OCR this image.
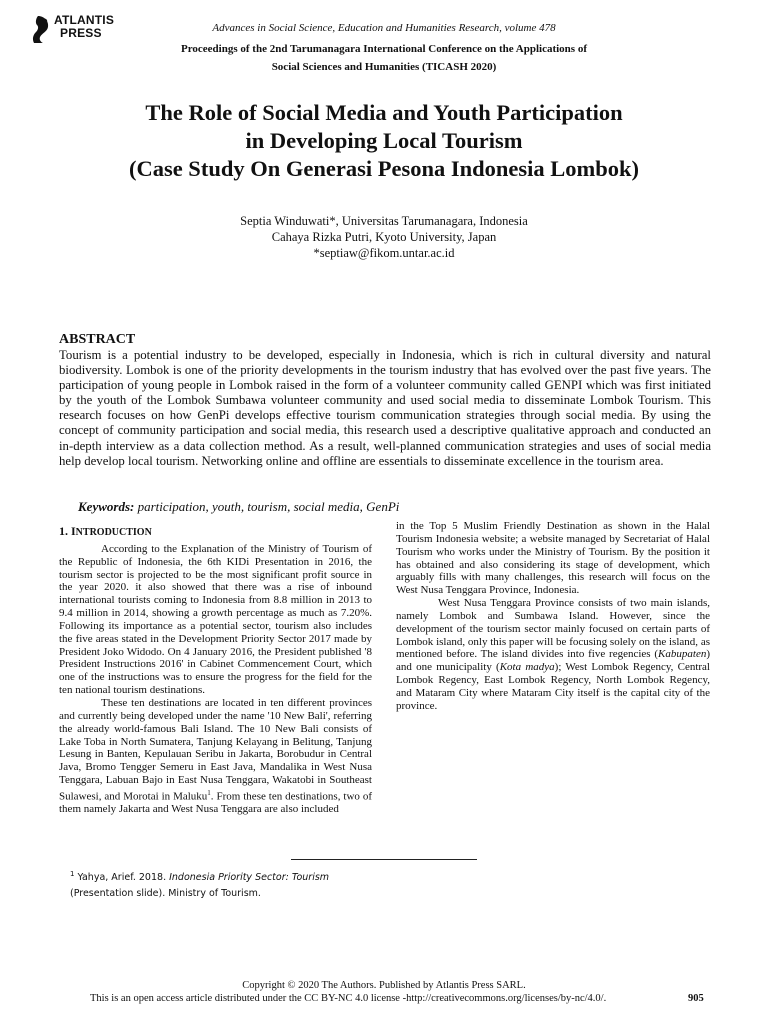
ATLANTIS
PRESS	Advances in Social Science, Education and Humanities Research, volume 478
Proceedings of the 2nd Tarumanagara International Conference on the Applications of
Social Sciences and Humanities (TICASH 2020)
The Role of Social Media and Youth Participation
in Developing Local Tourism
(Case Study On Generasi Pesona Indonesia Lombok)
Septia Winduwati*, Universitas Tarumanagara, Indonesia
Cahaya Rizka Putri, Kyoto University, Japan
*septiaw@fikom.untar.ac.id
ABSTRACT
Tourism is a potential industry to be developed, especially in Indonesia, which is rich in cultural diversity and natural biodiversity. Lombok is one of the priority developments in the tourism industry that has evolved over the past five years. The participation of young people in Lombok raised in the form of a volunteer community called GENPI which was first initiated by the youth of the Lombok Sumbawa volunteer community and used social media to disseminate Lombok Tourism. This research focuses on how GenPi develops effective tourism communication strategies through social media. By using the concept of community participation and social media, this research used a descriptive qualitative approach and conducted an in-depth interview as a data collection method. As a result, well-planned communication strategies and uses of social media help develop local tourism. Networking online and offline are essentials to disseminate excellence in the tourism area.
Keywords: participation, youth, tourism, social media, GenPi

1. INTRODUCTION

According to the Explanation of the Ministry of Tourism of the Republic of Indonesia, the 6th KIDi Presentation in 2016, the tourism sector is projected to be the most significant profit source in the year 2020. it also showed that there was a rise of inbound international tourists coming to Indonesia from 8.8 million in 2013 to 9.4 million in 2014, showing a growth percentage as much as 7.20%. Following its importance as a potential sector, tourism also includes the five areas stated in the Development Priority Sector 2017 made by President Joko Widodo. On 4 January 2016, the President published '8 President Instructions 2016' in Cabinet Commencement Court, which one of the instructions was to ensure the progress for the field for the ten national tourism destinations.

These ten destinations are located in ten different provinces and currently being developed under the name '10 New Bali', referring the already world-famous Bali Island. The 10 New Bali consists of Lake Toba in North Sumatera, Tanjung Kelayang in Belitung, Tanjung Lesung in Banten, Kepulauan Seribu in Jakarta, Borobudur in Central Java, Bromo Tengger Semeru in East Java, Mandalika in West Nusa Tenggara, Labuan Bajo in East Nusa Tenggara, Wakatobi in Southeast Sulawesi, and Morotai in Maluku$^1$. From these ten destinations, two of them namely Jakarta and West Nusa Tenggara are also included

in the Top 5 Muslim Friendly Destination as shown in the Halal Tourism Indonesia website; a website managed by Secretariat of Halal Tourism who works under the Ministry of Tourism. By the position it has obtained and also considering its stage of development, which arguably fills with many challenges, this research will focus on the West Nusa Tenggara Province, Indonesia.

West Nusa Tenggara Province consists of two main islands, namely Lombok and Sumbawa Island. However, since the development of the tourism sector mainly focused on certain parts of Lombok island, only this paper will be focusing solely on the island, as mentioned before. The island divides into five regencies (Kabupaten) and one municipality (Kota madya); West Lombok Regency, Central Lombok Regency, East Lombok Regency, North Lombok Regency, and Mataram City where Mataram City itself is the capital city of the province.

$^1$ Yahya, Arief. 2018. Indonesia Priority Sector: Tourism
(Presentation slide). Ministry of Tourism.
Copyright © 2020 The Authors. Published by Atlantis Press SARL.
This is an open access article distributed under the CC BY-NC 4.0 license -http://creativecommons.org/licenses/by-nc/4.0/.	905
